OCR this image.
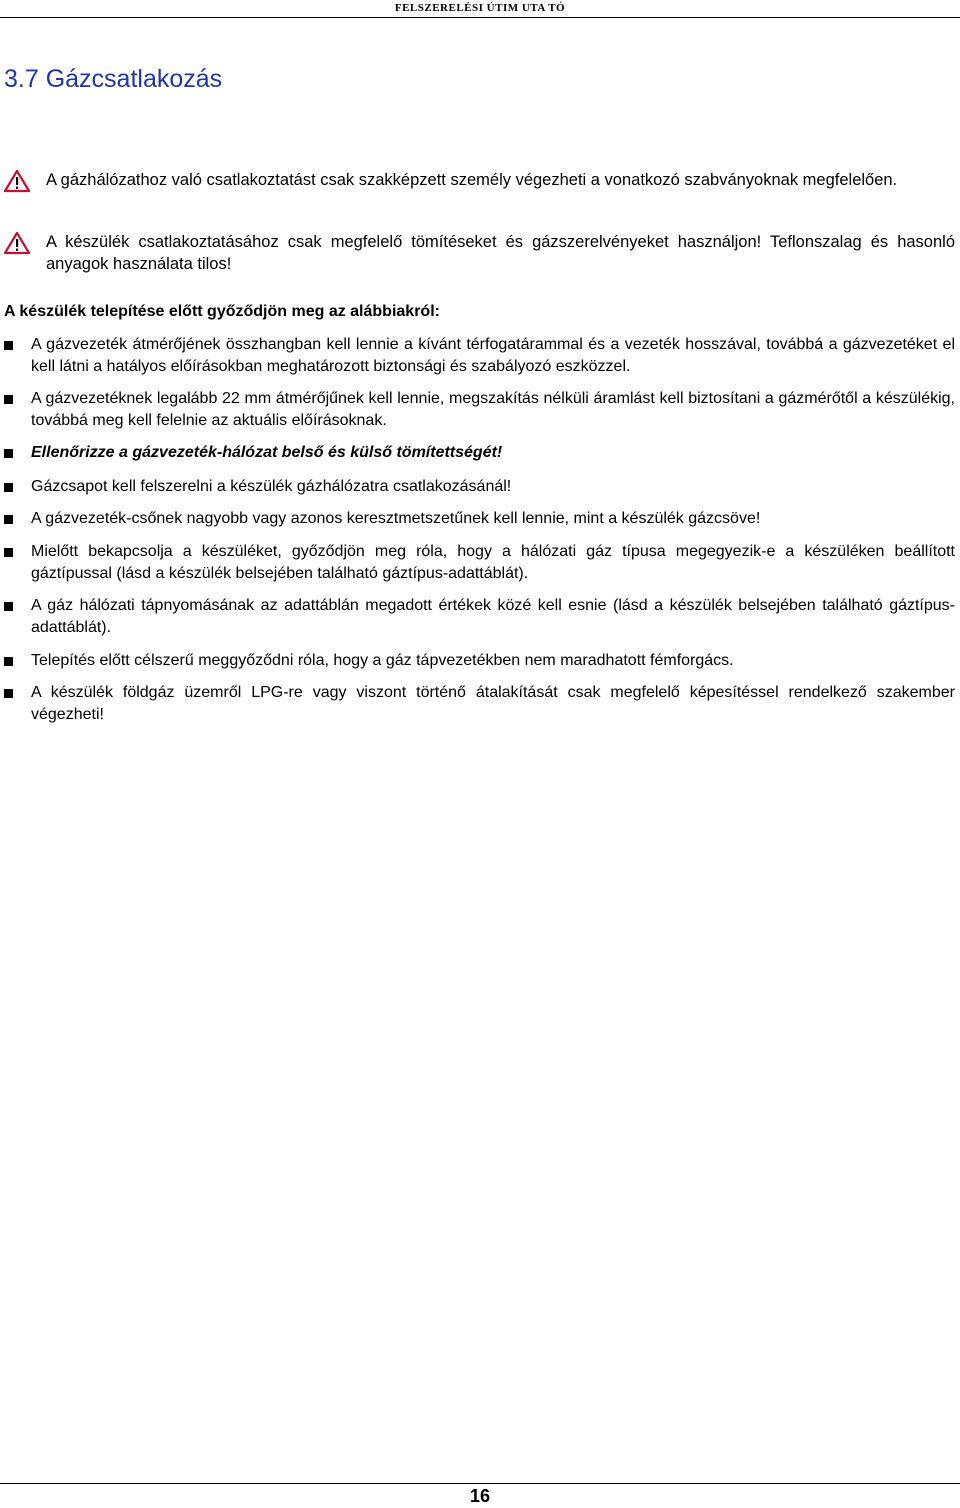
FELSZERELÉSI ÚTIM UTA TÓ
3.7 Gázcsatlakozás
A gázhálózathoz való csatlakoztatást csak szakképzett személy végezheti a vonatkozó szabványoknak megfelelően.
A készülék csatlakoztatásához csak megfelelő tömítéseket és gázszerelvényeket használjon! Teflonszalag és hasonló anyagok használata tilos!

A készülék telepítése előtt győződjön meg az alábbiakról:

A gázvezeték átmérőjének összhangban kell lennie a kívánt térfogatárammal és a vezeték hosszával, továbbá a gázvezetéket el kell látni a hatályos előírásokban meghatározott biztonsági és szabályozó eszközzel.
A gázvezetéknek legalább 22 mm átmérőjűnek kell lennie, megszakítás nélküli áramlást kell biztosítani a gázmérőtől a készülékig, továbbá meg kell felelnie az aktuális előírásoknak.
Ellenőrizze a gázvezeték-hálózat belső és külső tömítettségét!
Gázcsapot kell felszerelni a készülék gázhálózatra csatlakozásánál!
A gázvezeték-csőnek nagyobb vagy azonos keresztmetszetűnek kell lennie, mint a készülék gázcsöve!
Mielőtt bekapcsolja a készüléket, győződjön meg róla, hogy a hálózati gáz típusa megegyezik-e a készüléken beállított gáztípussal (lásd a készülék belsejében található gáztípus-adattáblát).
A gáz hálózati tápnyomásának az adattáblán megadott értékek közé kell esnie (lásd a készülék belsejében található gáztípus-adattáblát).
Telepítés előtt célszerű meggyőződni róla, hogy a gáz tápvezetékben nem maradhatott fémforgács.
A készülék földgáz üzemről LPG-re vagy viszont történő átalakítását csak megfelelő képesítéssel rendelkező szakember végezheti!
16
